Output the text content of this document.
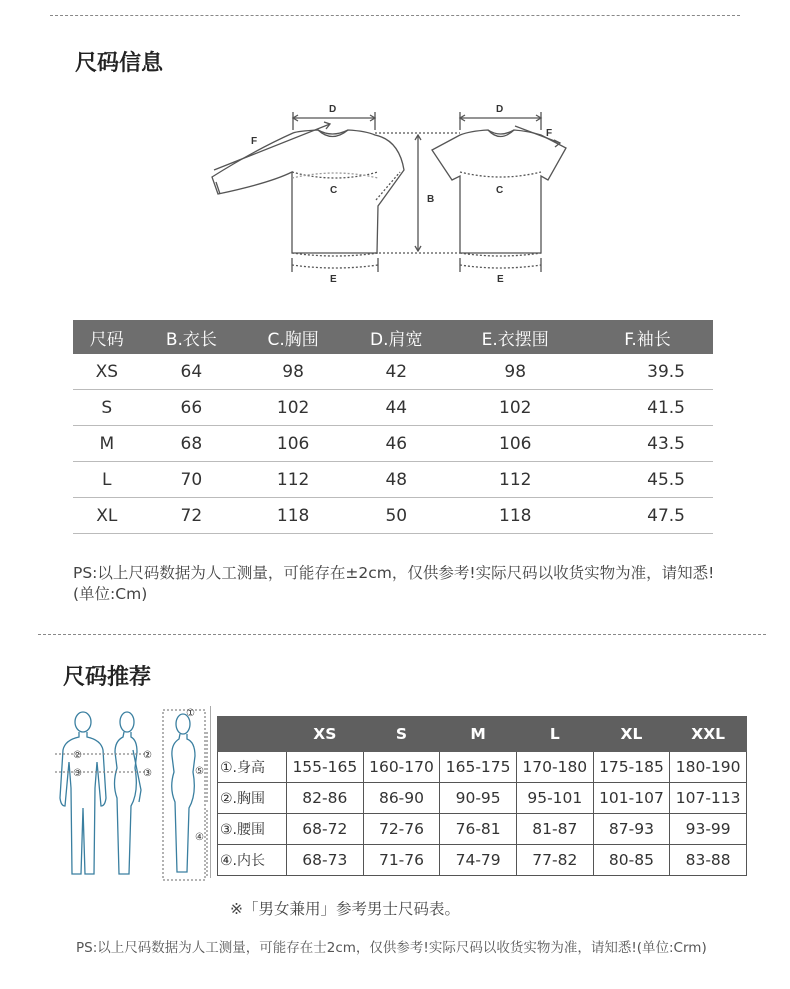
尺码信息
D	D
F
F
C	C
B
E	E
尺码	B.衣长	C.胸围	D.肩宽	E.衣摆围	F.袖长
XS	64	98	42	98	39.5
S	66	102	44	102	41.5
M	68	106	46	106	43.5
L	70	112	48	112	45.5
XL	72	118	50	118	47.5
PS:以上尺码数据为人工测量，可能存在±2cm，仅供参考!实际尺码以收货实物为准，请知悉!(单位:Cm)
尺码推荐
②
③
②
③
①
⑤
④
	XS	S	M	L	XL	XXL
①.身高	155-165	160-170	165-175	170-180	175-185	180-190
②.胸围	82-86	86-90	90-95	95-101	101-107	107-113
③.腰围	68-72	72-76	76-81	81-87	87-93	93-99
④.内长	68-73	71-76	74-79	77-82	80-85	83-88
※「男女兼用」参考男士尺码表。
PS:以上尺码数据为人工测量，可能存在士2cm，仅供参考!实际尺码以收货实物为准，请知悉!(单位:Crm)
